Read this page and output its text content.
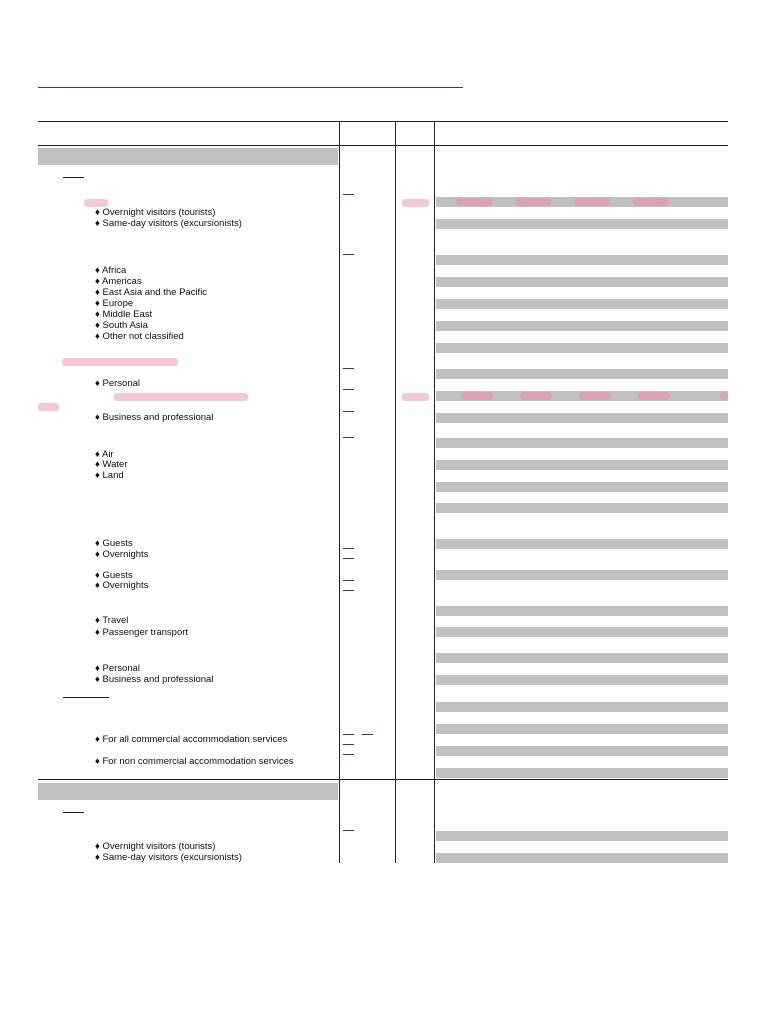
♦ Overnight visitors (tourists)
♦ Same-day visitors (excursionists)
♦ Africa
♦ Americas
♦ East Asia and the Pacific
♦ Europe
♦ Middle East
♦ South Asia
♦ Other not classified
♦ Personal
♦ Business and professional
♦ Air
♦ Water
♦ Land
♦ Guests
♦ Overnights
♦ Guests
♦ Overnights
♦ Travel
♦ Passenger transport
♦ Personal
♦ Business and professional
♦ For all commercial accommodation services
♦ For non commercial accommodation services
♦ Overnight visitors (tourists)
♦ Same-day visitors (excursionists)
